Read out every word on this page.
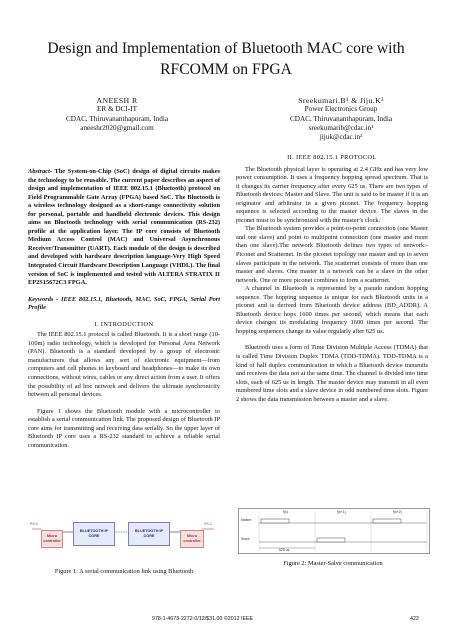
Design and Implementation of Bluetooth MAC core with RFCOMM on FPGA
ANEESH R
ER & DCI-IT
CDAC, Thiruvananthapuram, India
aneeshr2020@gmail.com
Sreekumari.B¹ & Jiju.K²
Power Electronics Group
CDAC, Thiruvananthapuram, India
sreekumarib@cdac.in¹
jijuk@cdac.in²

Abstract- The System-on-Chip (SoC) design of digital circuits makes the technology to be reusable. The current paper describes an aspect of design and implementation of IEEE 802.15.1 (Bluetooth) protocol on Field Programmable Gate Array (FPGA) based SoC. The Bluetooth is a wireless technology designed as a short-range connectivity solution for personal, portable and handheld electronic devices. This design aims on Bluetooth technology with serial communication (RS-232) profile at the application layer. The IP core consists of Bluetooth Medium Access Control (MAC) and Universal Asynchronous Receiver/Transmitter (UART). Each module of the design is described and developed with hardware description language-Very High Speed Integrated Circuit Hardware Description Language (VHDL). The final version of SoC is implemented and tested with ALTERA STRATIX II EP2S15672C3 FPGA.

Keywords - IEEE 802.15.1, Bluetooth, MAC, SoC, FPGA, Serial Port Profile

I. INTRODUCTION

The IEEE 802.15.1 protocol is called Bluetooth. It is a short range (10-100m) radio technology, which is developed for Personal Area Network (PAN). Bluetooth is a standard developed by a group of electronic manufacturers that allows any sort of electronic equipment—from computers and cell phones to keyboard and headphones—to make its own connections, without wires, cables or any direct action from a user. It offers the possibility of ad hoc network and delivers the ultimate synchronicity between all personal devices.

Figure 1 shows the Bluetooth module with a microcontroller to establish a serial communication link. The proposed design of Bluetooth IP core aims for transmitting and receiving data serially. So the upper layer of Bluetooth IP core uses a RS-232 standard to achieve a reliable serial communication.

RS-X
Micro controller
BLUETOOTH IP CORE
BLUETOOTH IP CORE	Micro controller
RS-X
Figure 1: A serial communication link using Bluetooth

II. IEEE 802.15.1 PROTOCOL

The Bluetooth physical layer is operating at 2.4 GHz and has very low power consumption. It uses a frequency hopping spread spectrum. That is it changes its carrier frequency after every 625 us. There are two types of Bluetooth devices: Master and Slave. The unit is said to be master if it is an originator and arbitrator in a given piconet. The frequency hopping sequence is selected according to the master device. The slaves in the piconet must to be synchronized with the master’s clock.

The Bluetooth system provides a point-to-point connection (one Master and one slave) and point to multipoint connection (one master and more than one slave).The network Bluetooth defines two types of network:-Piconet and Scatternet. In the piconet topology one master and up to seven slaves participate in the network. The scatternet consists of more than one master and slaves. One master in a network can be a slave in the other network. One or more piconet combines to form a scatternet.

A channel in Bluetooth is represented by a pseudo random hopping sequence. The hopping sequence is unique for each Bluetooth units in a piconet and is derived from Bluetooth device address (BD_ADDR). A Bluetooth device hops 1600 times per second, which means that each device changes its modulating frequency 1600 times per second. The hopping sequences change its value regularly after 625 us.

Bluetooth uses a form of Time Division Multiple Access (TDMA) that is called Time Division Duplex TDMA (TDD-TDMA). TDD-TDMA is a kind of half duplex communication in which a Bluetooth device transmits and receives the data not at the same time. The channel is divided into time slots, each of 625 us in length. The master device may transmit in all even numbered time slots and a slave device in odd numbered time slots. Figure 2 shows the data transmission between a master and a slave.

f(k)	f(k+1)	f(k+2)
Master
Slave
625 us
Figure 2: Master-Salve communication
978-1-4673-2272-0/12/$31.00 ©2012 IEEE	422
